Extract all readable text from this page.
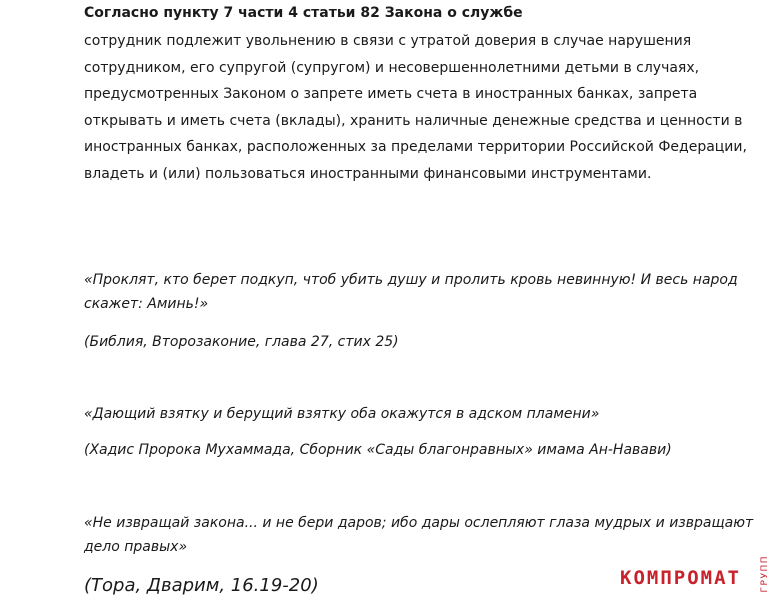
Согласно пункту 7 части 4 статьи 82 Закона о службе

сотрудник подлежит увольнению в связи с утратой доверия в случае нарушения
сотрудником, его супругой (супругом) и несовершеннолетними детьми в случаях,
предусмотренных Законом о запрете иметь счета в иностранных банках, запрета
открывать и иметь счета (вклады), хранить наличные денежные средства и ценности в
иностранных банках, расположенных за пределами территории Российской Федерации,
владеть и (или) пользоваться иностранными финансовыми инструментами.

«Проклят, кто берет подкуп, чтоб убить душу и пролить кровь невинную! И весь народ
скажет: Аминь!»

(Библия, Второзаконие, глава 27, стих 25)

«Дающий взятку и берущий взятку оба окажутся в адском пламени»

(Хадис Пророка Мухаммада, Сборник «Сады благонравных» имама Ан-Навави)

«Не извращай закона... и не бери даров; ибо дары ослепляют глаза мудрых и извращают
дело правых»

(Тора, Дварим, 16.19-20)	КОМПРОМАТ ГРУПП
